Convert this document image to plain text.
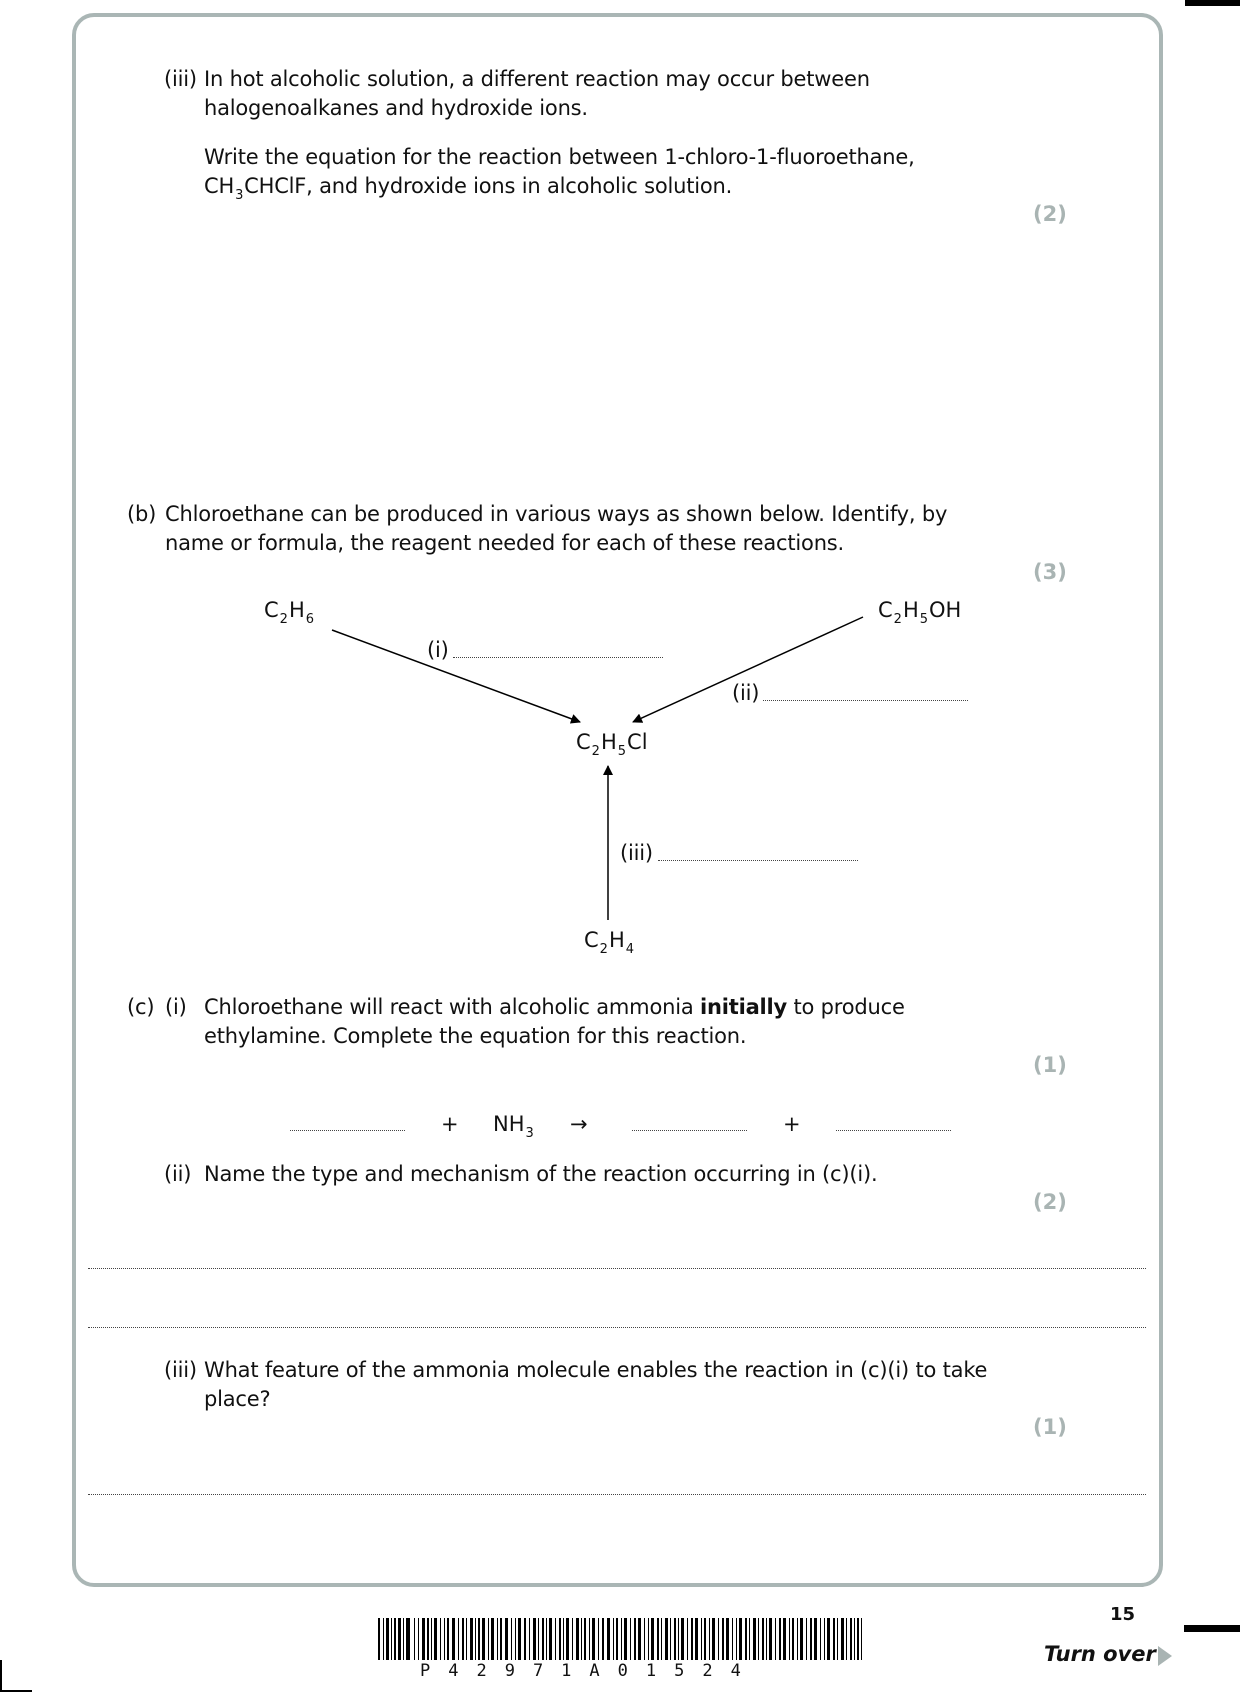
(iii) In hot alcoholic solution, a different reaction may occur between
halogenoalkanes and hydroxide ions.
Write the equation for the reaction between 1-chloro-1-fluoroethane,
$CH_3CHClF$, and hydroxide ions in alcoholic solution.
(2)
(b) Chloroethane can be produced in various ways as shown below. Identify, by
name or formula, the reagent needed for each of these reactions.
(3)
$C_2H_6$	$C_2H_5OH$
$C_2H_5Cl$
$C_2H_4$
(i)
(ii)
(iii)
(c) (i) Chloroethane will react with alcoholic ammonia initially to produce
ethylamine. Complete the equation for this reaction.
(1)
+ $NH_3$ →	+
(ii) Name the type and mechanism of the reaction occurring in (c)(i).
(2)
(iii) What feature of the ammonia molecule enables the reaction in (c)(i) to take
place?
(1)
P42971A01524
15
Turn over
